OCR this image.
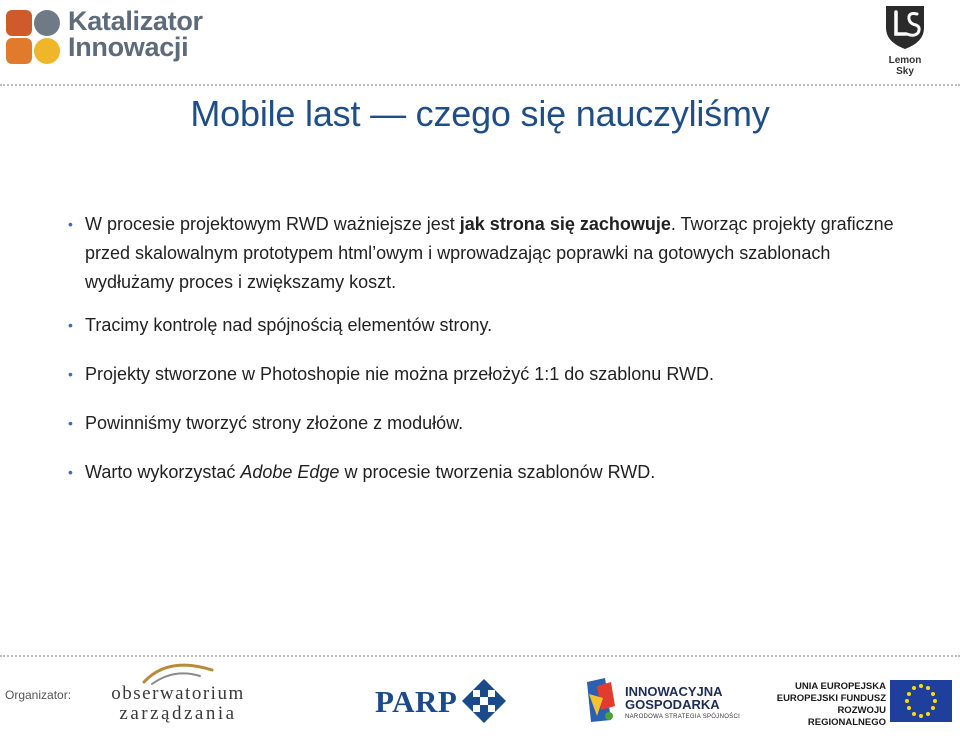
Katalizator
Innowacji	Lemon
Sky
Mobile last — czego się nauczyliśmy
• W procesie projektowym RWD ważniejsze jest jak strona się zachowuje. Tworząc projekty graficzne przed skalowalnym prototypem html’owym i wprowadzając poprawki na gotowych szablonach wydłużamy proces i zwiększamy koszt.
• Tracimy kontrolę nad spójnością elementów strony.
• Projekty stworzone w Photoshopie nie można przełożyć 1:1 do szablonu RWD.
• Powinniśmy tworzyć strony złożone z modułów.
• Warto wykorzystać Adobe Edge w procesie tworzenia szablonów RWD.
Organizator:	obserwatorium
zarządzania	PARP	INNOWACYJNA
GOSPODARKA
NARODOWA STRATEGIA SPÓJNOŚCI
UNIA EUROPEJSKA
EUROPEJSKI FUNDUSZ
ROZWOJU REGIONALNEGO
